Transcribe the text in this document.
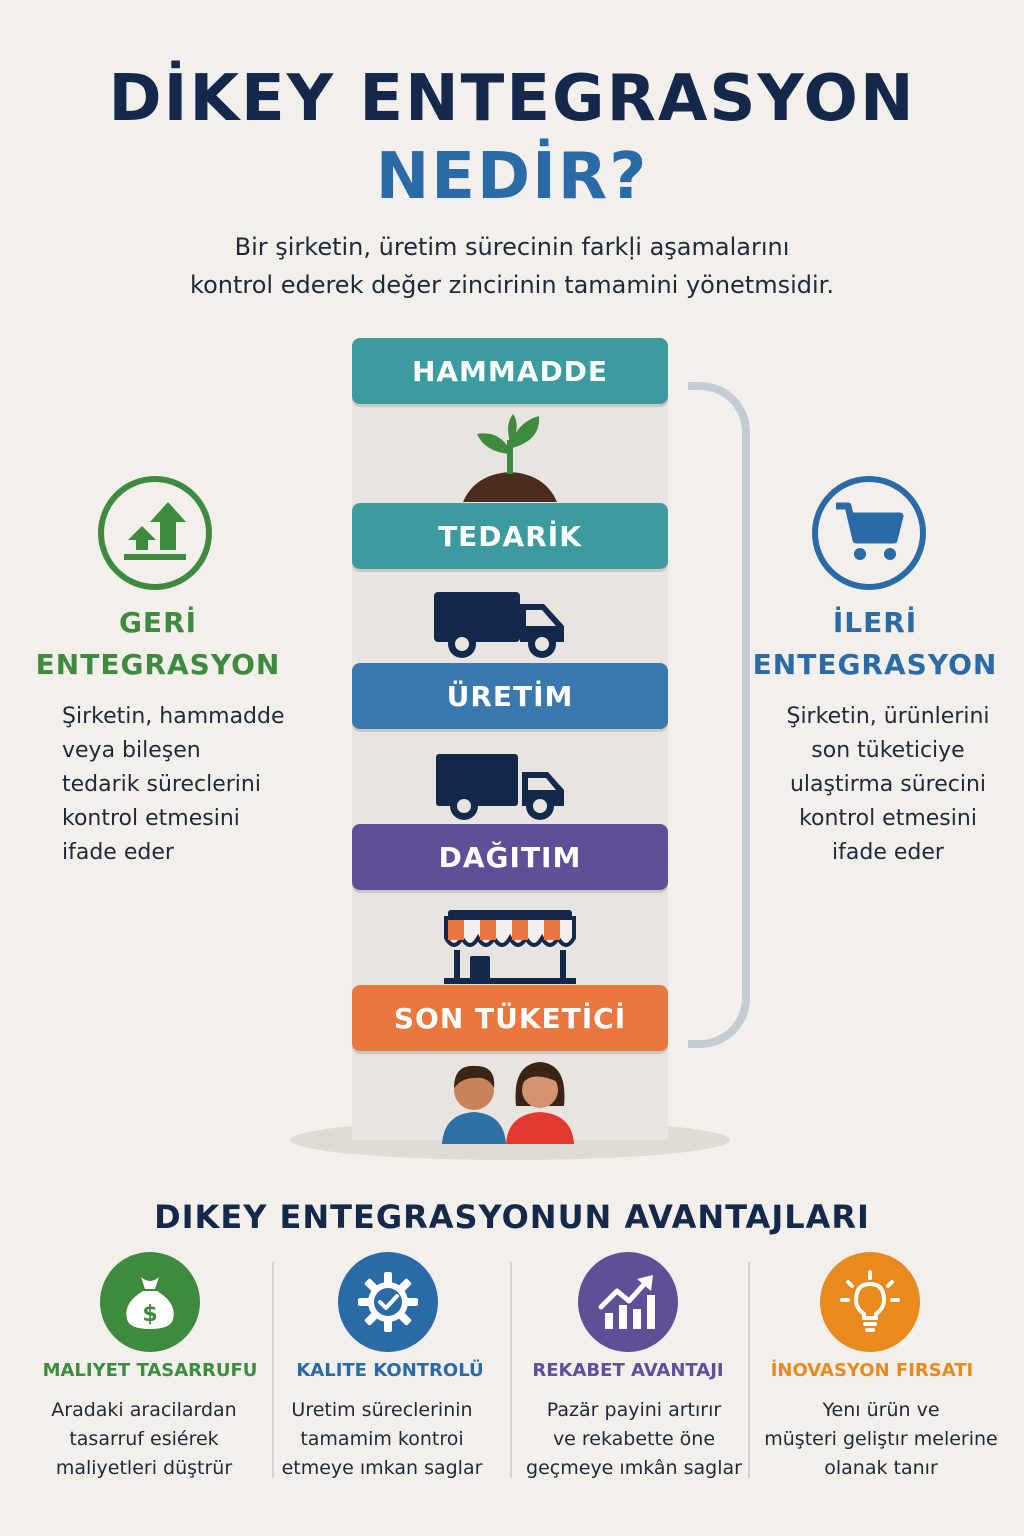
DİKEY ENTEGRASYON
NEDİR?
Bir şirketin, üretim sürecinin farkḷi aşamalarını
kontrol ederek değer zincirinin tamamini yönetmsidir.
HAMMADDE
TEDARİK
ÜRETİM
DAĞITIM
SON TÜKETİCİ
GERİ
ENTEGRASYON
Şirketin, hammadde
veya bileşen
tedarik süreclerini
kontrol etmesini
ifade eder
İLERİ
ENTEGRASYON
Şirketin, ürünlerini
son tüketiciye
ulaştirma sürecini
kontrol etmesini
ifade eder
DIKEY ENTEGRASYONUN AVANTAJLARI
$
MALIYET TASARRUFU
Aradaki aracilardan
tasarruf esiérek
maliyetleri düştrür
KALITE KONTROLÜ
Uretim süreclerinin
tamamim kontroi
etmeye ımkan saglar
REKABET AVANTAJI
Pazär payini artırır
ve rekabette öne
geçmeye ımkân saglar
İNOVASYON FIRSATI
Yenı ürün ve
müşteri geliştır melerine
olanak tanır
